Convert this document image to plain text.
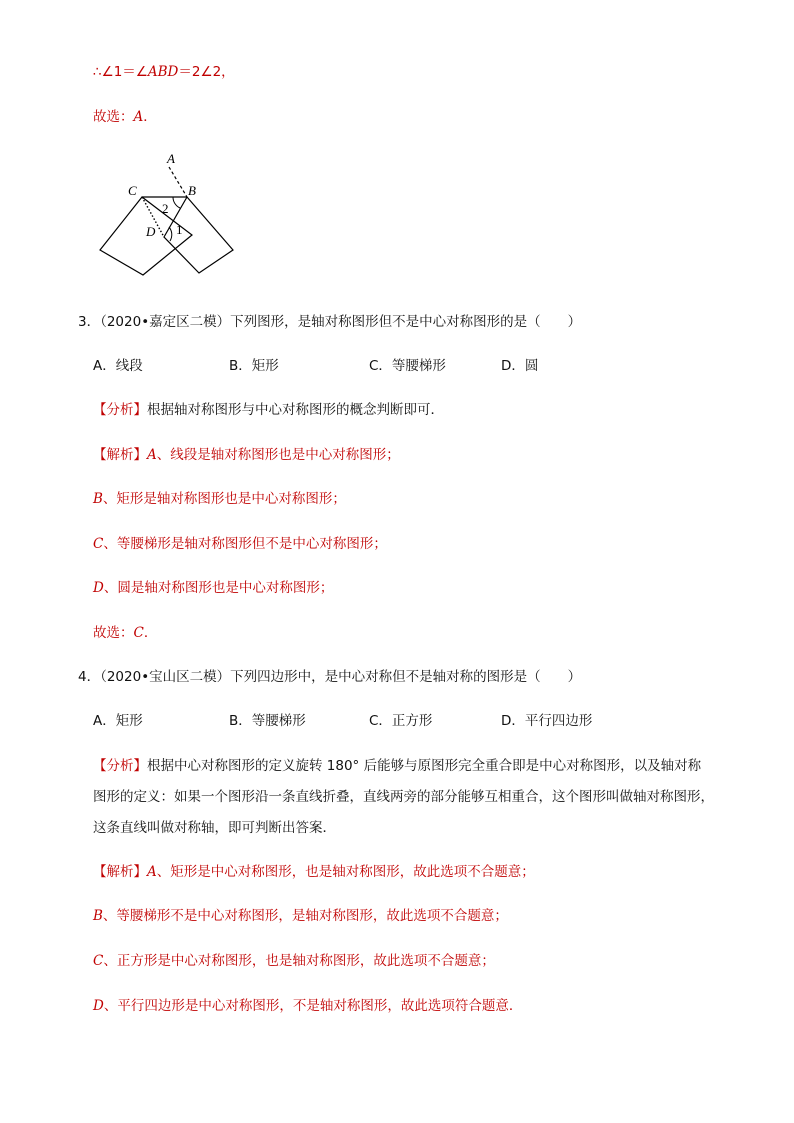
∴∠1＝∠ABD＝2∠2，
故选：A．
A
B
C
D
2
1
3．（2020•嘉定区二模）下列图形，是轴对称图形但不是中心对称图形的是（　　）
A．线段	B．矩形	C．等腰梯形	D．圆
【分析】根据轴对称图形与中心对称图形的概念判断即可．
【解析】A、线段是轴对称图形也是中心对称图形；
B、矩形是轴对称图形也是中心对称图形；
C、等腰梯形是轴对称图形但不是中心对称图形；
D、圆是轴对称图形也是中心对称图形；
故选：C．
4．（2020•宝山区二模）下列四边形中，是中心对称但不是轴对称的图形是（　　）
A．矩形	B．等腰梯形	C．正方形	D．平行四边形
【分析】根据中心对称图形的定义旋转 180° 后能够与原图形完全重合即是中心对称图形，以及轴对称
图形的定义：如果一个图形沿一条直线折叠，直线两旁的部分能够互相重合，这个图形叫做轴对称图形，
这条直线叫做对称轴，即可判断出答案．
【解析】A、矩形是中心对称图形，也是轴对称图形，故此选项不合题意；
B、等腰梯形不是中心对称图形，是轴对称图形，故此选项不合题意；
C、正方形是中心对称图形，也是轴对称图形，故此选项不合题意；
D、平行四边形是中心对称图形，不是轴对称图形，故此选项符合题意．
